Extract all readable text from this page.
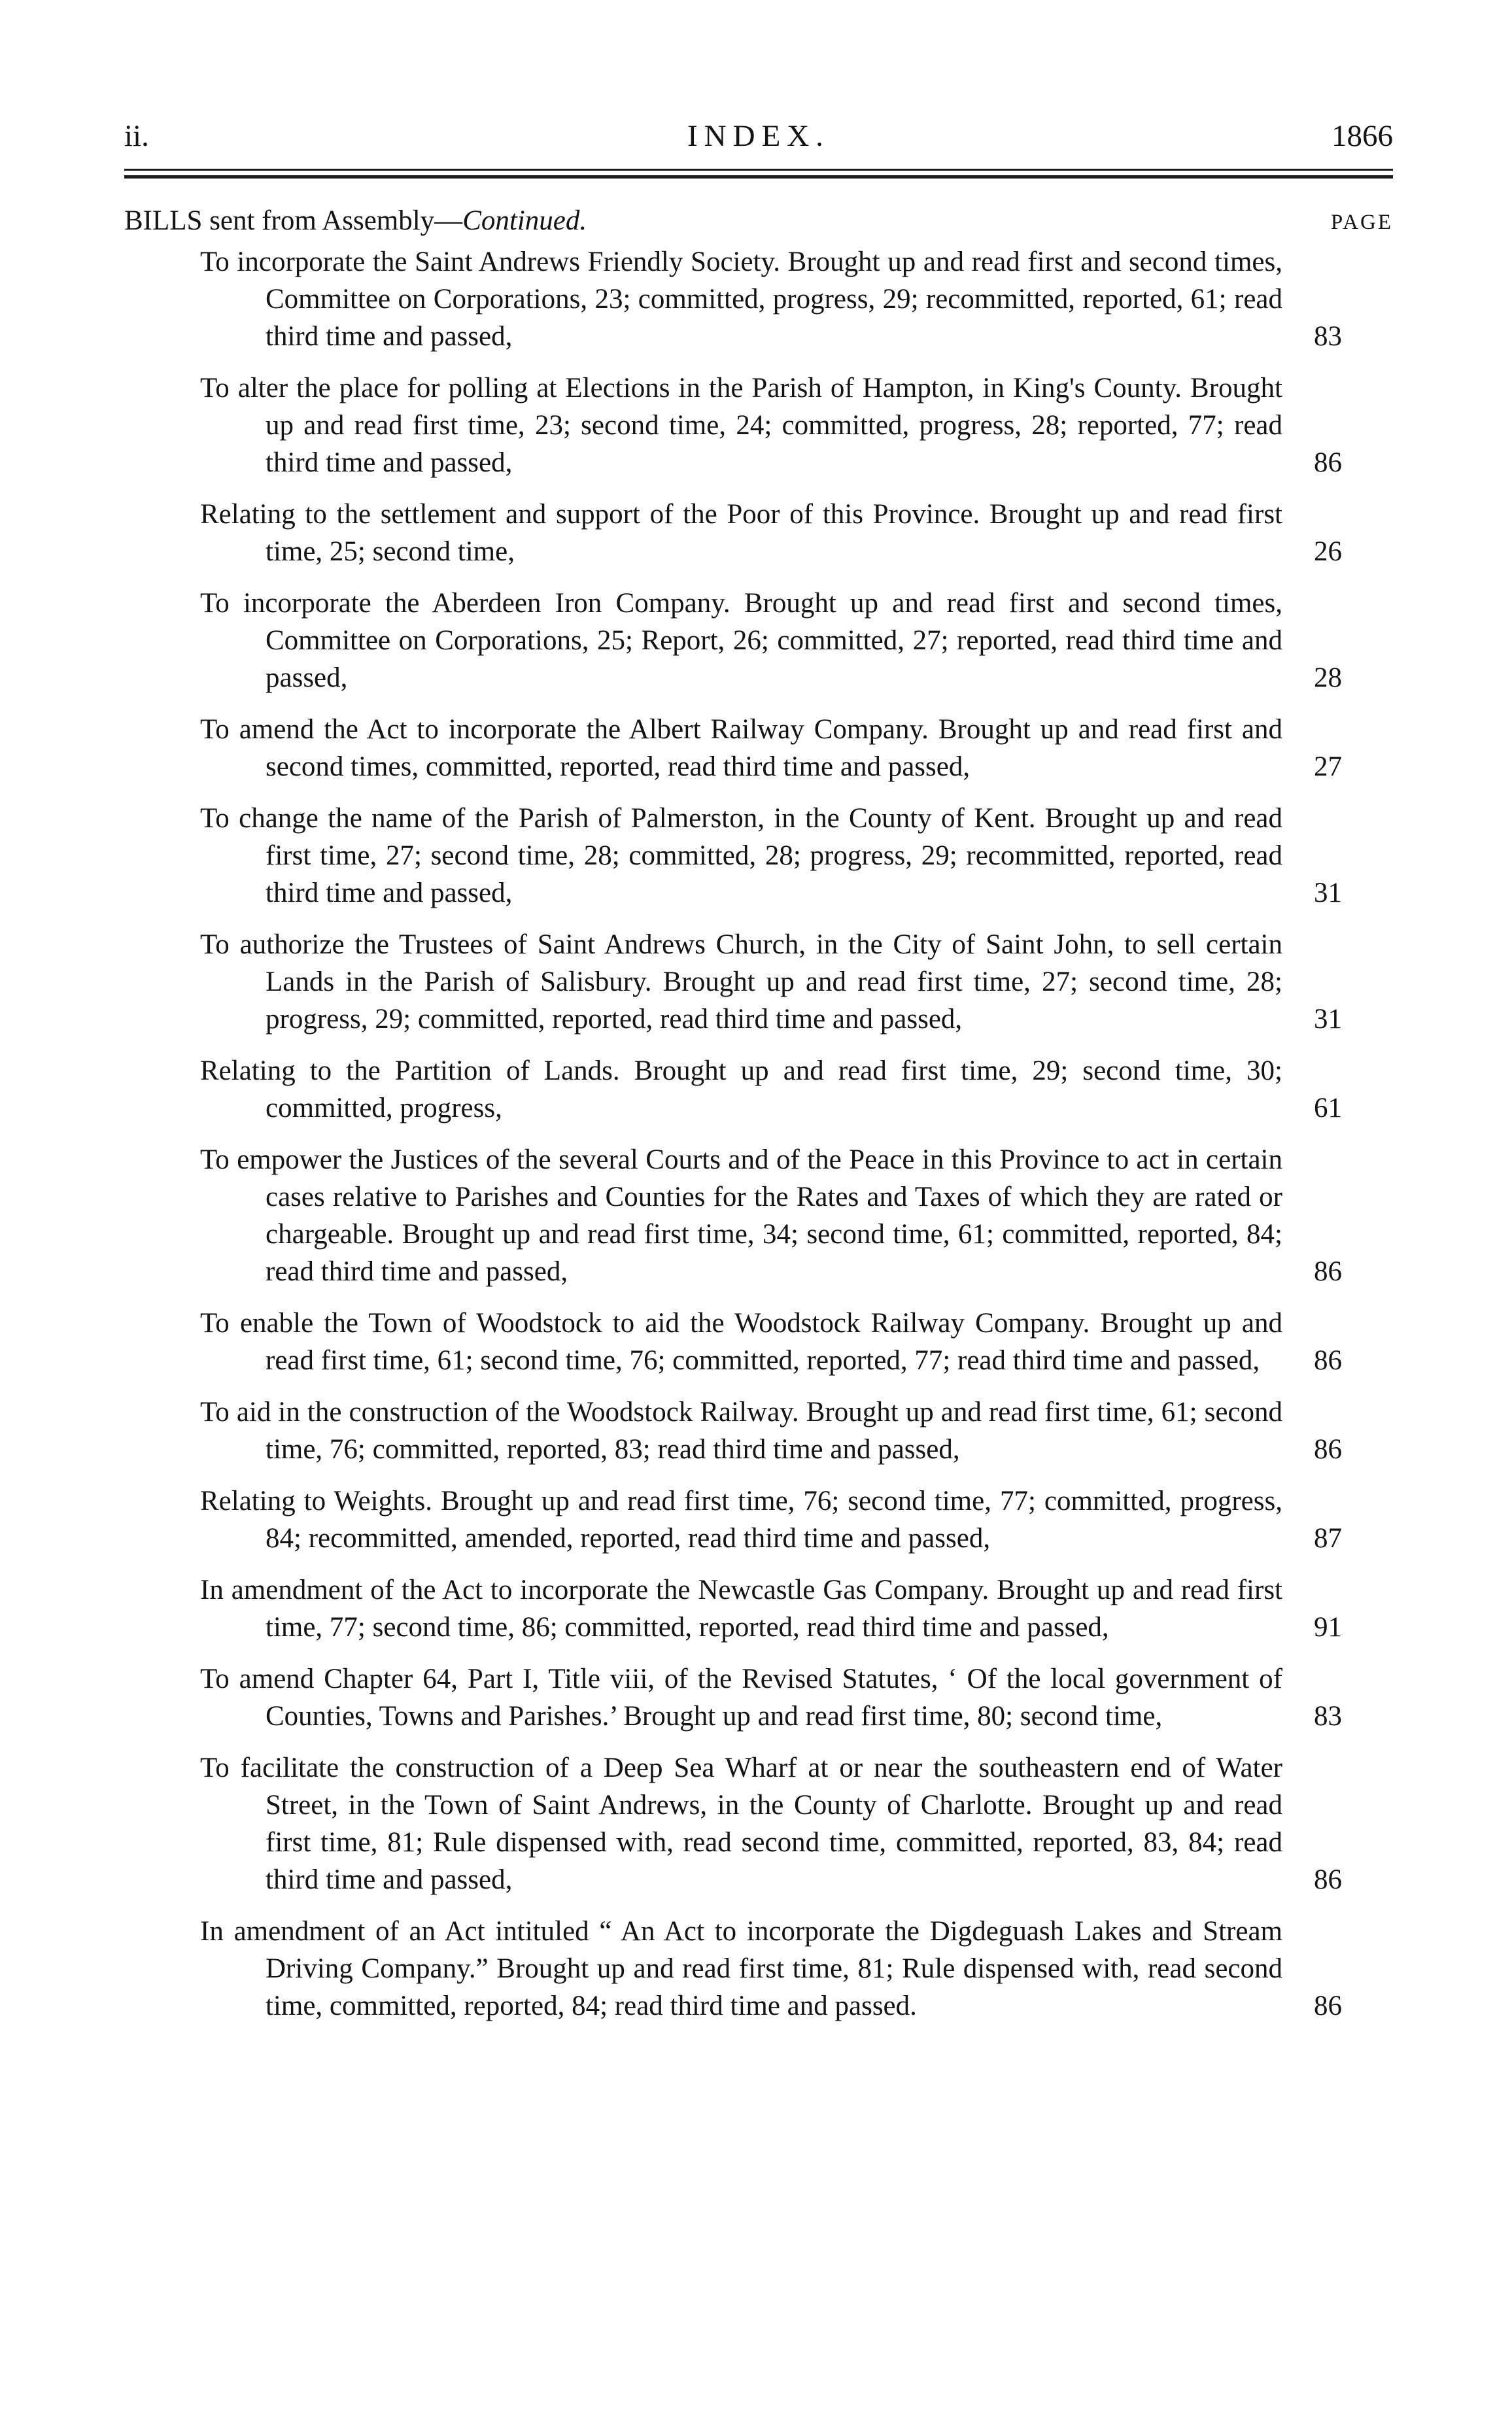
ii.	INDEX.	1866
BILLS sent from Assembly—Continued.	PAGE
To incorporate the Saint Andrews Friendly Society. Brought up and read first and second times, Committee on Corporations, 23; committed, progress, 29; recommitted, reported, 61; read third time and passed,	83
To alter the place for polling at Elections in the Parish of Hampton, in King's County. Brought up and read first time, 23; second time, 24; committed, progress, 28; reported, 77; read third time and passed,	86
Relating to the settlement and support of the Poor of this Province. Brought up and read first time, 25; second time,	26
To incorporate the Aberdeen Iron Company. Brought up and read first and second times, Committee on Corporations, 25; Report, 26; committed, 27; reported, read third time and passed,	28
To amend the Act to incorporate the Albert Railway Company. Brought up and read first and second times, committed, reported, read third time and passed,	27
To change the name of the Parish of Palmerston, in the County of Kent. Brought up and read first time, 27; second time, 28; committed, 28; progress, 29; recommitted, reported, read third time and passed,	31
To authorize the Trustees of Saint Andrews Church, in the City of Saint John, to sell certain Lands in the Parish of Salisbury. Brought up and read first time, 27; second time, 28; progress, 29; committed, reported, read third time and passed,	31
Relating to the Partition of Lands. Brought up and read first time, 29; second time, 30; committed, progress,	61
To empower the Justices of the several Courts and of the Peace in this Province to act in certain cases relative to Parishes and Counties for the Rates and Taxes of which they are rated or chargeable. Brought up and read first time, 34; second time, 61; committed, reported, 84; read third time and passed,	86
To enable the Town of Woodstock to aid the Woodstock Railway Company. Brought up and read first time, 61; second time, 76; committed, reported, 77; read third time and passed, 86
To aid in the construction of the Woodstock Railway. Brought up and read first time, 61; second time, 76; committed, reported, 83; read third time and passed,	86
Relating to Weights. Brought up and read first time, 76; second time, 77; committed, progress, 84; recommitted, amended, reported, read third time and passed,	87
In amendment of the Act to incorporate the Newcastle Gas Company. Brought up and read first time, 77; second time, 86; committed, reported, read third time and passed,	91
To amend Chapter 64, Part I, Title viii, of the Revised Statutes, ‘ Of the local government of Counties, Towns and Parishes.’ Brought up and read first time, 80; second time,	83
To facilitate the construction of a Deep Sea Wharf at or near the southeastern end of Water Street, in the Town of Saint Andrews, in the County of Charlotte. Brought up and read first time, 81; Rule dispensed with, read second time, committed, reported, 83, 84; read third time and passed,	86
In amendment of an Act intituled “ An Act to incorporate the Digdeguash Lakes and Stream Driving Company.” Brought up and read first time, 81; Rule dispensed with, read second time, committed, reported, 84; read third time and passed.	86
